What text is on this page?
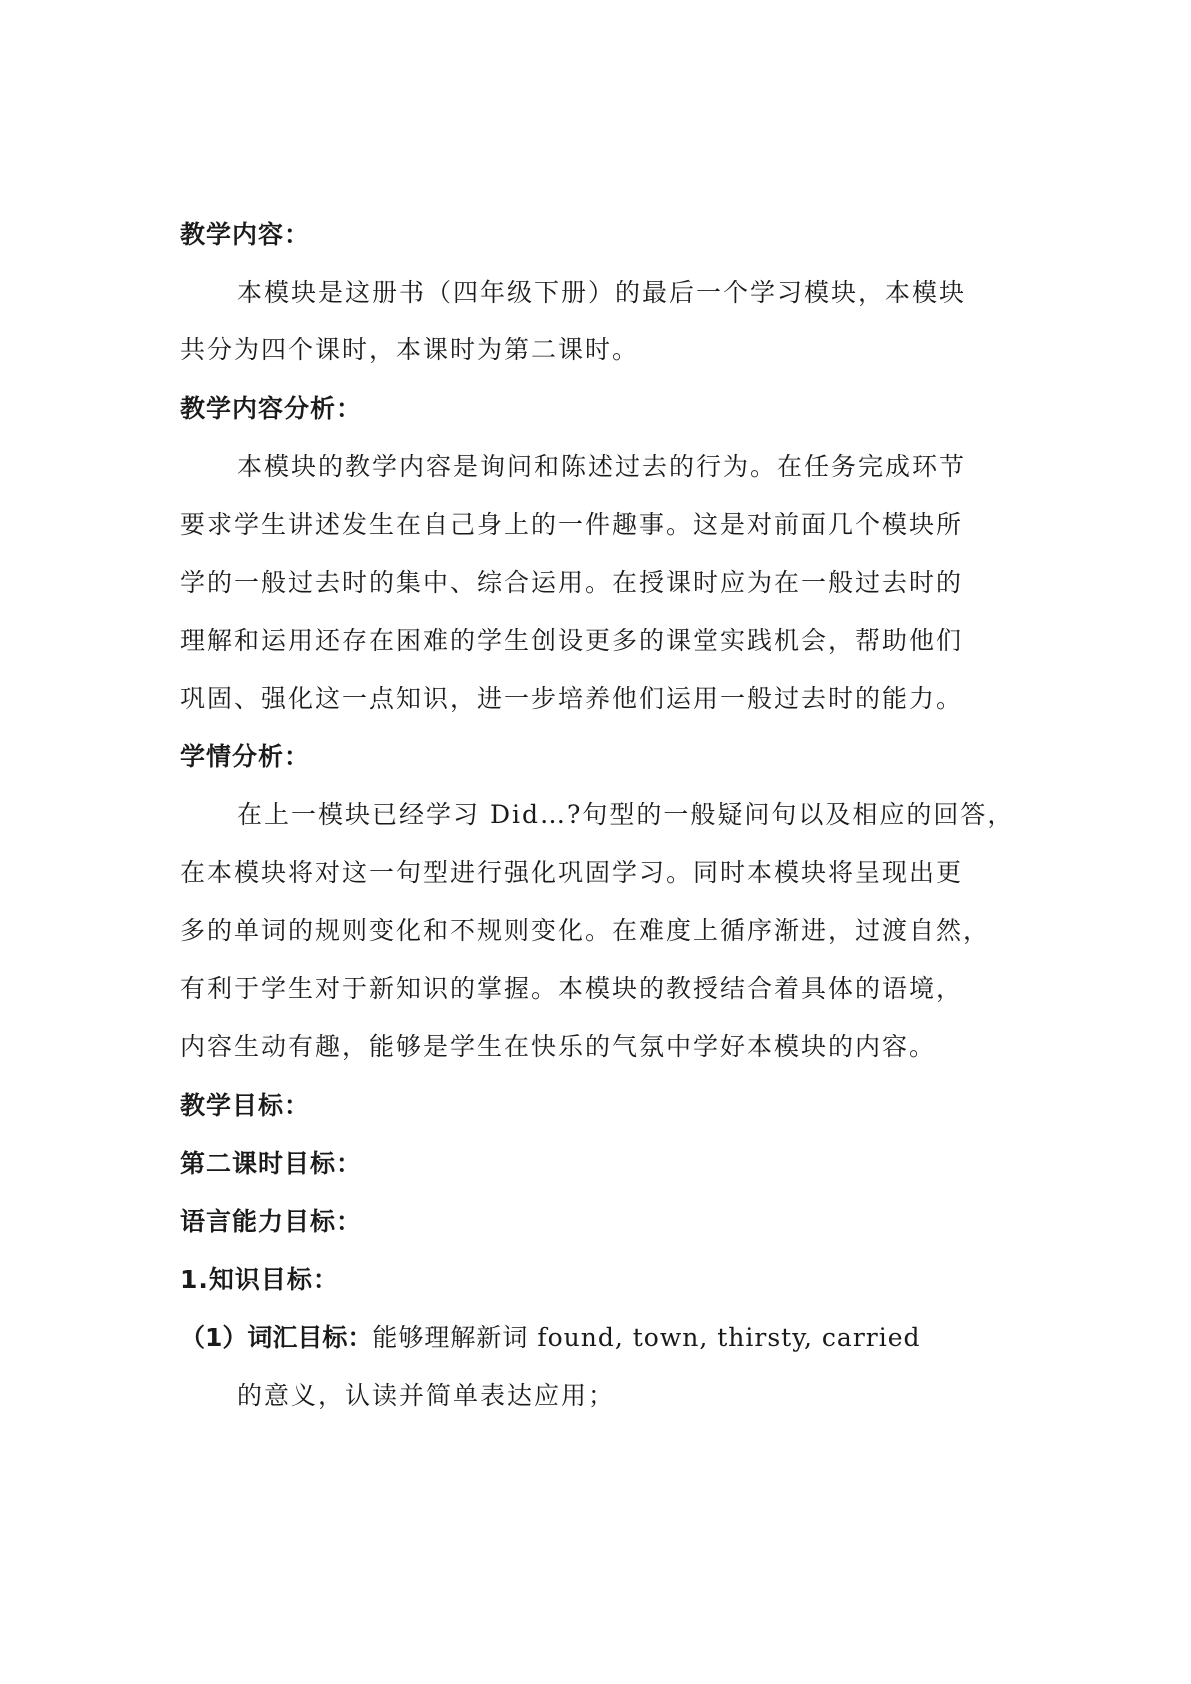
教学内容：
本模块是这册书（四年级下册）的最后一个学习模块，本模块
共分为四个课时，本课时为第二课时。
教学内容分析：
本模块的教学内容是询问和陈述过去的行为。在任务完成环节
要求学生讲述发生在自己身上的一件趣事。这是对前面几个模块所
学的一般过去时的集中、综合运用。在授课时应为在一般过去时的
理解和运用还存在困难的学生创设更多的课堂实践机会，帮助他们
巩固、强化这一点知识，进一步培养他们运用一般过去时的能力。
学情分析：
在上一模块已经学习 Did…?句型的一般疑问句以及相应的回答，
在本模块将对这一句型进行强化巩固学习。同时本模块将呈现出更
多的单词的规则变化和不规则变化。在难度上循序渐进，过渡自然，
有利于学生对于新知识的掌握。本模块的教授结合着具体的语境，
内容生动有趣，能够是学生在快乐的气氛中学好本模块的内容。
教学目标：
第二课时目标：
语言能力目标：
1.知识目标：
（1）词汇目标：能够理解新词 found, town, thirsty, carried
的意义，认读并简单表达应用；
